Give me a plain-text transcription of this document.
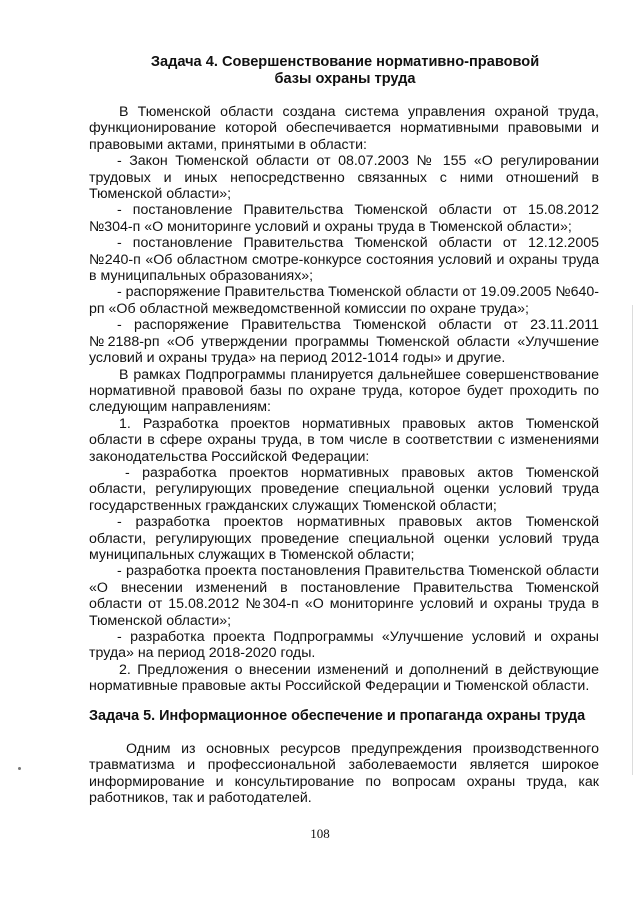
Задача 4. Совершенствование нормативно-правовой
базы охраны труда

В Тюменской области создана система управления охраной труда, функционирование которой обеспечивается нормативными правовыми и правовыми актами, принятыми в области:

- Закон Тюменской области от 08.07.2003 № 155 «О регулировании трудовых и иных непосредственно связанных с ними отношений в Тюменской области»;

- постановление Правительства Тюменской области от 15.08.2012 №304-п «О мониторинге условий и охраны труда в Тюменской области»;

- постановление Правительства Тюменской области от 12.12.2005 №240-п «Об областном смотре-конкурсе состояния условий и охраны труда в муниципальных образованиях»;

- распоряжение Правительства Тюменской области от 19.09.2005 №640-рп «Об областной межведомственной комиссии по охране труда»;

- распоряжение Правительства Тюменской области от 23.11.2011 №2188-рп «Об утверждении программы Тюменской области «Улучшение условий и охраны труда» на период 2012-1014 годы» и другие.

В рамках Подпрограммы планируется дальнейшее совершенствование нормативной правовой базы по охране труда, которое будет проходить по следующим направлениям:

1. Разработка проектов нормативных правовых актов Тюменской области в сфере охраны труда, в том числе в соответствии с изменениями законодательства Российской Федерации:

- разработка проектов нормативных правовых актов Тюменской области, регулирующих проведение специальной оценки условий труда государственных гражданских служащих Тюменской области;

- разработка проектов нормативных правовых актов Тюменской области, регулирующих проведение специальной оценки условий труда муниципальных служащих в Тюменской области;

- разработка проекта постановления Правительства Тюменской области «О внесении изменений в постановление Правительства Тюменской области от 15.08.2012 №304-п «О мониторинге условий и охраны труда в Тюменской области»;

- разработка проекта Подпрограммы «Улучшение условий и охраны труда» на период 2018-2020 годы.

2. Предложения о внесении изменений и дополнений в действующие нормативные правовые акты Российской Федерации и Тюменской области.

Задача 5. Информационное обеспечение и пропаганда охраны труда

Одним из основных ресурсов предупреждения производственного травматизма и профессиональной заболеваемости является широкое информирование и консультирование по вопросам охраны труда, как работников, так и работодателей.

108
